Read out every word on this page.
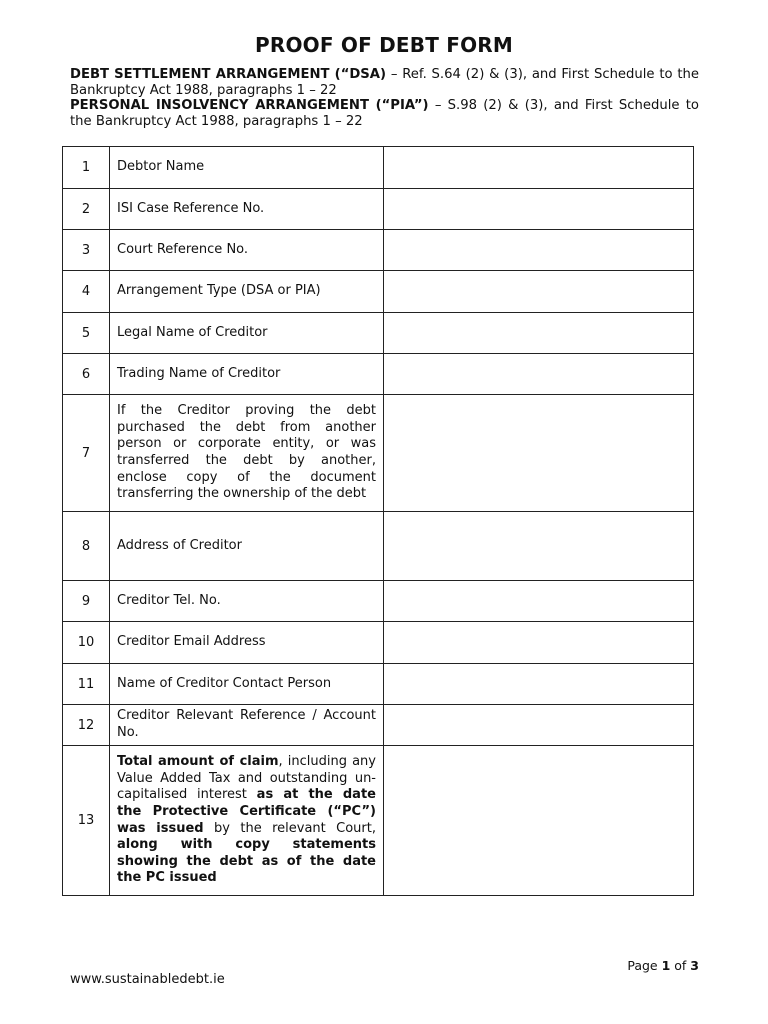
PROOF OF DEBT FORM

DEBT SETTLEMENT ARRANGEMENT (“DSA) – Ref. S.64 (2) & (3), and First Schedule to the Bankruptcy Act 1988, paragraphs 1 – 22

PERSONAL INSOLVENCY ARRANGEMENT (“PIA”) – S.98 (2) & (3), and First Schedule to the Bankruptcy Act 1988, paragraphs 1 – 22

1	Debtor Name	
2	ISI Case Reference No.	
3	Court Reference No.	
4	Arrangement Type (DSA or PIA)	
5	Legal Name of Creditor	
6	Trading Name of Creditor	
7	If the Creditor proving the debt purchased the debt from another person or corporate entity, or was transferred the debt by another, enclose copy of the document transferring the ownership of the debt	
8	Address of Creditor	
9	Creditor Tel. No.	
10	Creditor Email Address	
11	Name of Creditor Contact Person	
12	Creditor Relevant Reference / Account No.	
13	Total amount of claim, including any Value Added Tax and outstanding un-capitalised interest as at the date the Protective Certificate (“PC”) was issued by the relevant Court, along with copy statements showing the debt as of the date the PC issued	
Page 1 of 3
www.sustainabledebt.ie
